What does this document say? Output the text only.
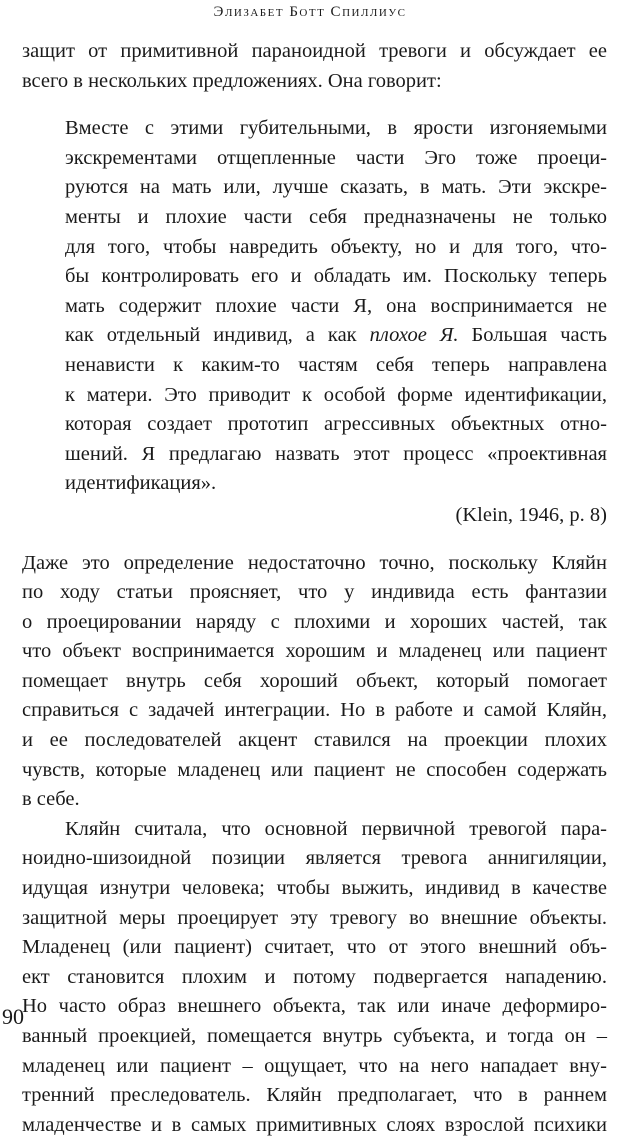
Элизабет Ботт Спиллиус
защит от примитивной параноидной тревоги и обсуждает ее
всего в нескольких предложениях. Она говорит:
Вместе с этими губительными, в ярости изгоняемыми
экскрементами отщепленные части Эго тоже проеци-
руются на мать или, лучше сказать, в мать. Эти экскре-
менты и плохие части себя предназначены не только
для того, чтобы навредить объекту, но и для того, что-
бы контролировать его и обладать им. Поскольку теперь
мать содержит плохие части Я, она воспринимается не
как отдельный индивид, а как плохое Я. Большая часть
ненависти к каким-то частям себя теперь направлена
к матери. Это приводит к особой форме идентификации,
которая создает прототип агрессивных объектных отно-
шений. Я предлагаю назвать этот процесс «проективная
идентификация».
(Klein, 1946, p. 8)
Даже это определение недостаточно точно, поскольку Кляйн
по ходу статьи проясняет, что у индивида есть фантазии
о проецировании наряду с плохими и хороших частей, так
что объект воспринимается хорошим и младенец или пациент
помещает внутрь себя хороший объект, который помогает
справиться с задачей интеграции. Но в работе и самой Кляйн,
и ее последователей акцент ставился на проекции плохих
чувств, которые младенец или пациент не способен содержать
в себе.
Кляйн считала, что основной первичной тревогой пара-
ноидно-шизоидной позиции является тревога аннигиляции,
идущая изнутри человека; чтобы выжить, индивид в качестве
защитной меры проецирует эту тревогу во внешние объекты.
Младенец (или пациент) считает, что от этого внешний объ-
ект становится плохим и потому подвергается нападению.
Но часто образ внешнего объекта, так или иначе деформиро-
ванный проекцией, помещается внутрь субъекта, и тогда он –
младенец или пациент – ощущает, что на него нападает вну-
тренний преследователь. Кляйн предполагает, что в раннем
младенчестве и в самых примитивных слоях взрослой психики
90
